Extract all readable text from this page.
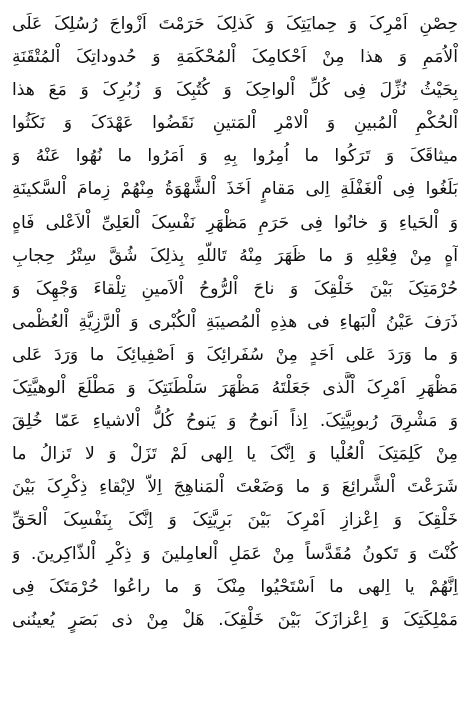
حِصْنِ اَمْرِکَ وَ حِمایَتِکَ وَ کَذلِکَ حَرَمْتَ اَزْواجَ رُسُلِکَ عَلَی
اْلاُمَمِ وَ هذا مِنْ اَحْکامِکَ اْلمُحْکَمَةِ وَ حُدوداتِکَ اْلمُتْقَنَةِ
بِحَیْثُ نُزِّلَ فِی کُلِّ اْلواحِکَ وَ کُتُبِکَ وَ زُبُرِکَ وَ مَعَ هذا
اْلحُکْمِ اْلمُبینِ وَ اْلامْرِ اْلمَتینِ نَقَضُوا عَهْدَکَ وَ نَکَثُوا
میثاقَکَ وَ تَرَکُوا ما اُمِرُوا بِهِ وَ اَمَرُوا ما نُهُوا عَنْهُ وَ
بَلَغُوا فِی اْلغَفْلَةِ اِلی مَقامٍ اَخَذَ اْلشَّهْوَةُ مِنْهُمْ زِمامَ اْلسَّکینَةِ
وَ اْلحَیاءِ وَ خانُوا فِی حَرَمِ مَظْهَرِ نَفْسِکَ اْلعَلِیِّ اْلاَعْلی فَاهٍ
آهٍ مِنْ فِعْلِهِ وَ ما ظَهَرَ مِنْهُ تَاللّهِ بِذلِکَ شُقَّ سِتْرُ حِجابِ
حُرْمَتِکَ بَیْنَ خَلْقِکَ وَ ناحَ اْلرُّوحُ اْلاَمینِ تِلْقاءَ وَجْهِکَ وَ
ذَرَفَ عَیْنُ اْلبَهاءِ فی هذِهِ اْلمُصیبَةِ اْلکُبْری وَ اْلرَّزِیَّةِ اْلعُظْمی
وَ ما وَرَدَ عَلی اَحَدٍ مِنْ سُفَرائِکَ وَ اَصْفِیائِکَ ما وَرَدَ عَلی
مَظْهَرِ اَمْرِکَ اْلَّذی جَعَلْتَهُ مَظْهَرَ سَلْطَنَتِکَ وَ مَطْلَعَ اْلوهیَّتِکَ
وَ مَشْرِقَ رُبوبِیَّتِکَ. اِذاً اَنوحُ وَ یَنوحُ کُلُّ اْلاشیاءِ عَمّا خُلِقَ
مِنْ کَلِمَتِکَ اْلعُلْیا وَ اِنَّکَ یا اِلهی لَمْ تَزَلْ وَ لا تَزالُ ما
شَرَعْتَ اْلشَّرائِعَ وَ ما وَضَعْتَ اْلمَناهِجَ اِلاّ لاِبْقاءِ ذِکْرِکَ بَیْنَ
خَلْقِکَ وَ اِعْزازِ اَمْرِکَ بَیْنَ بَرِیَّتِکَ وَ اِنَّکَ بِنَفْسِکَ اْلحَقِّ
کُنْتَ وَ تَکونُ مُقَدَّساً مِنْ عَمَلِ اْلعامِلینَ وَ ذِکْرِ اْلذّاکِرینَ. وَ
اِنَّهُمْ یا اِلهی ما اَسْتَحْیُوا مِنْکَ وَ ما راعُوا حُرْمَتَکَ فِی
مَمْلِکَتِکَ وَ اِعْزازَکَ بَیْنَ خَلْقِکَ. هَلْ مِنْ ذی بَصَرٍ یُعینُنی
